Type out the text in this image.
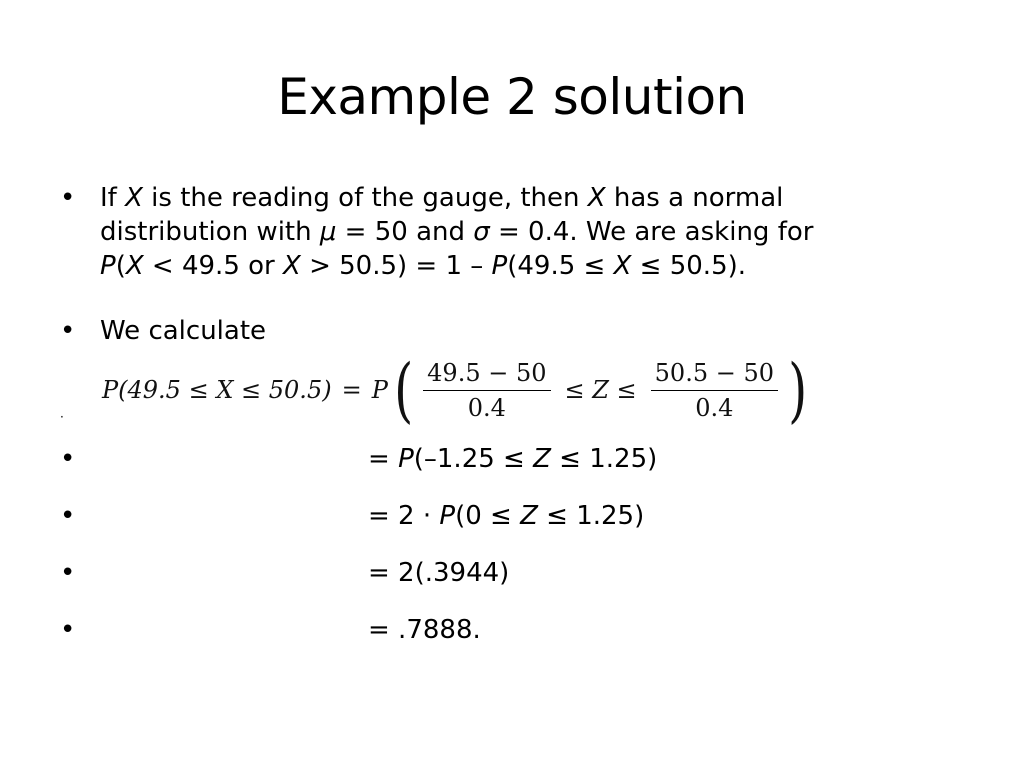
Example 2 solution
• If X is the reading of the gauge, then X has a normal
distribution with μ = 50 and σ = 0.4. We are asking for
P(X < 49.5 or X > 50.5) = 1 – P(49.5 ≤ X ≤ 50.5).
• We calculate
P(49.5 ≤ X ≤ 50.5) = P ( $\frac{49.5 - 50}{0.4} \le Z \le \frac{50.5 - 50}{0.4}$ )
·
•	= P(–1.25 ≤ Z ≤ 1.25)
•	= 2 · P(0 ≤ Z ≤ 1.25)
•	= 2(.3944)
•	= .7888.
